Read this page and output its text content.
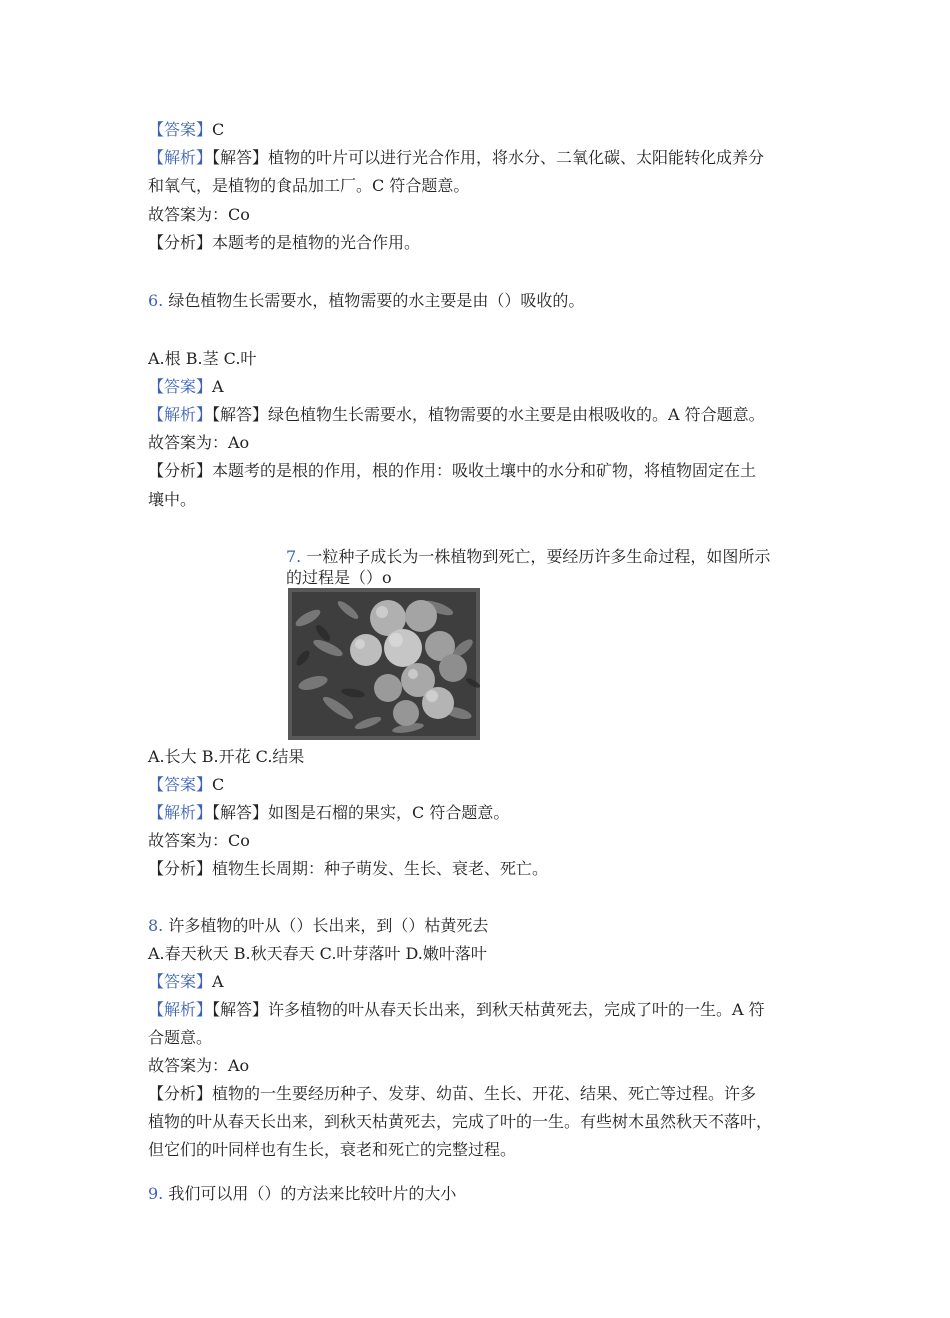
【答案】C
【解析】【解答】植物的叶片可以进行光合作用，将水分、二氧化碳、太阳能转化成养分
和氧气，是植物的食品加工厂。C 符合题意。
故答案为：Co
【分析】本题考的是植物的光合作用。
6. 绿色植物生长需要水，植物需要的水主要是由（）吸收的。
A.根 B.茎 C.叶
【答案】A
【解析】【解答】绿色植物生长需要水，植物需要的水主要是由根吸收的。A 符合题意。
故答案为：Ao
【分析】本题考的是根的作用，根的作用：吸收土壤中的水分和矿物，将植物固定在土
壤中。
7. 一粒种子成长为一株植物到死亡，要经历许多生命过程，如图所示
的过程是（）o
A.长大 B.开花 C.结果
【答案】C
【解析】【解答】如图是石榴的果实，C 符合题意。
故答案为：Co
【分析】植物生长周期：种子萌发、生长、衰老、死亡。
8. 许多植物的叶从（）长出来，到（）枯黄死去
A.春天秋天 B.秋天春天 C.叶芽落叶 D.嫩叶落叶
【答案】A
【解析】【解答】许多植物的叶从春天长出来，到秋天枯黄死去，完成了叶的一生。A 符
合题意。
故答案为：Ao
【分析】植物的一生要经历种子、发芽、幼苗、生长、开花、结果、死亡等过程。许多
植物的叶从春天长出来，到秋天枯黄死去，完成了叶的一生。有些树木虽然秋天不落叶，
但它们的叶同样也有生长，衰老和死亡的完整过程。
9. 我们可以用（）的方法来比较叶片的大小
